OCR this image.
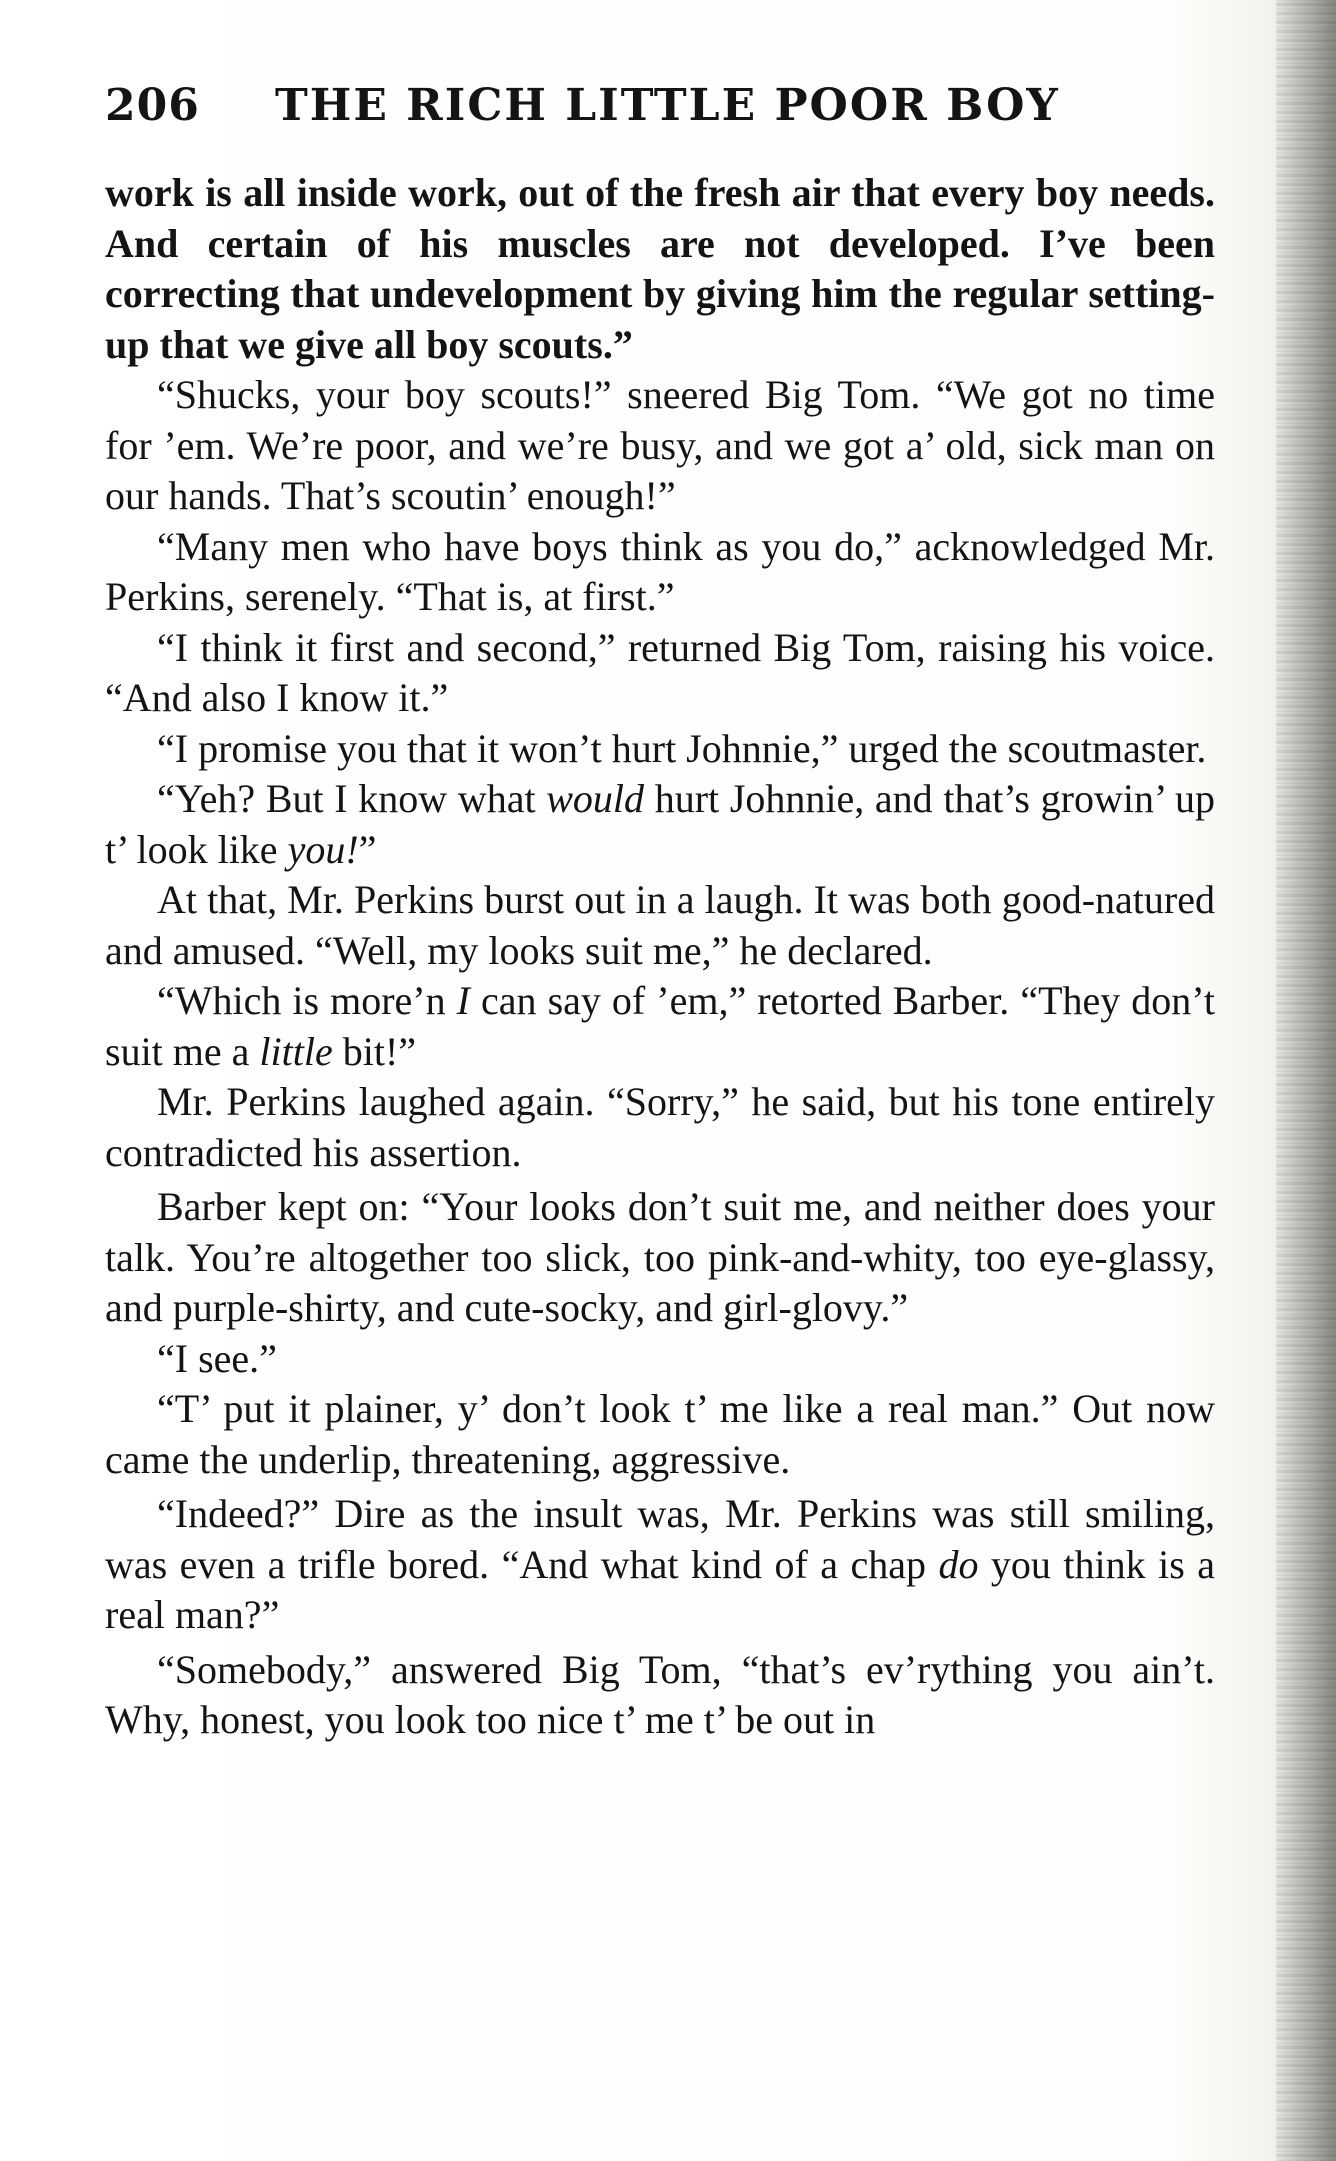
206 THE RICH LITTLE POOR BOY

work is all inside work, out of the fresh air that every boy needs. And certain of his muscles are not developed. I’ve been correcting that undevelopment by giving him the regular setting-up that we give all boy scouts.”

“Shucks, your boy scouts!” sneered Big Tom. “We got no time for ’em. We’re poor, and we’re busy, and we got a’ old, sick man on our hands. That’s scoutin’ enough!”

“Many men who have boys think as you do,” acknowledged Mr. Perkins, serenely. “That is, at first.”

“I think it first and second,” returned Big Tom, raising his voice. “And also I know it.”

“I promise you that it won’t hurt Johnnie,” urged the scoutmaster.

“Yeh? But I know what would hurt Johnnie, and that’s growin’ up t’ look like you!”

At that, Mr. Perkins burst out in a laugh. It was both good-natured and amused. “Well, my looks suit me,” he declared.

“Which is more’n I can say of ’em,” retorted Barber. “They don’t suit me a little bit!”

Mr. Perkins laughed again. “Sorry,” he said, but his tone entirely contradicted his assertion.

Barber kept on: “Your looks don’t suit me, and neither does your talk. You’re altogether too slick, too pink-and-whity, too eye-glassy, and purple-shirty, and cute-socky, and girl-glovy.”

“I see.”

“T’ put it plainer, y’ don’t look t’ me like a real man.” Out now came the underlip, threatening, aggressive.

“Indeed?” Dire as the insult was, Mr. Perkins was still smiling, was even a trifle bored. “And what kind of a chap do you think is a real man?”

“Somebody,” answered Big Tom, “that’s ev’rything you ain’t. Why, honest, you look too nice t’ me t’ be out in
